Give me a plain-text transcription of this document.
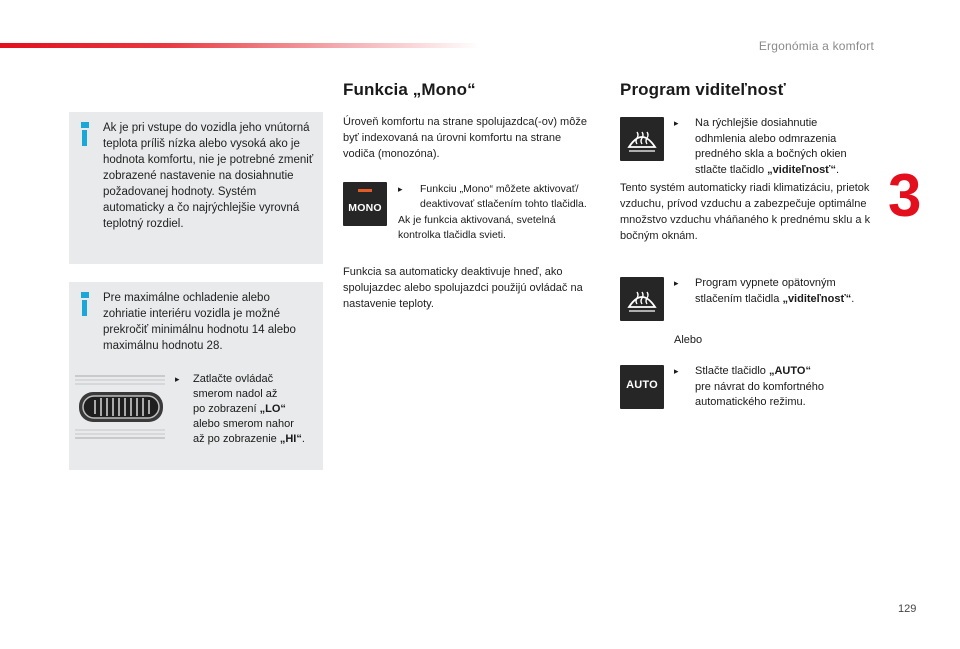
Ergonómia a komfort
3
Ak je pri vstupe do vozidla jeho vnútorná teplota príliš nízka alebo vysoká ako je hodnota komfortu, nie je potrebné zmeniť zobrazené nastavenie na dosiahnutie požadovanej hodnoty. Systém automaticky a čo najrýchlejšie vyrovná teplotný rozdiel.
Pre maximálne ochladenie alebo zohriatie interiéru vozidla je možné prekročiť minimálnu hodnotu 14 alebo maximálnu hodnotu 28.
▸ Zatlačte ovládač
smerom nadol až
po zobrazení „LO“
alebo smerom nahor
až po zobrazenie „HI“.
Funkcia „Mono“
Úroveň komfortu na strane spolujazdca(-ov) môže byť indexovaná na úrovni komfortu na strane vodiča (monozóna).
MONO
▸ Funkciu „Mono“ môžete aktivovať/
deaktivovať stlačením tohto tlačidla.
Ak je funkcia aktivovaná, svetelná
kontrolka tlačidla svieti.
Funkcia sa automaticky deaktivuje hneď, ako spolujazdec alebo spolujazdci použijú ovládač na nastavenie teploty.
Program viditeľnosť
▸ Na rýchlejšie dosiahnutie
odhmlenia alebo odmrazenia
predného skla a bočných okien
stlačte tlačidlo „viditeľnosť“.
Tento systém automaticky riadi klimatizáciu, prietok vzduchu, prívod vzduchu a zabezpečuje optimálne množstvo vzduchu vháňaného k prednému sklu a k bočným oknám.
▸ Program vypnete opätovným
stlačením tlačidla „viditeľnosť“.
Alebo
AUTO
▸ Stlačte tlačidlo „AUTO“
pre návrat do komfortného
automatického režimu.
129
